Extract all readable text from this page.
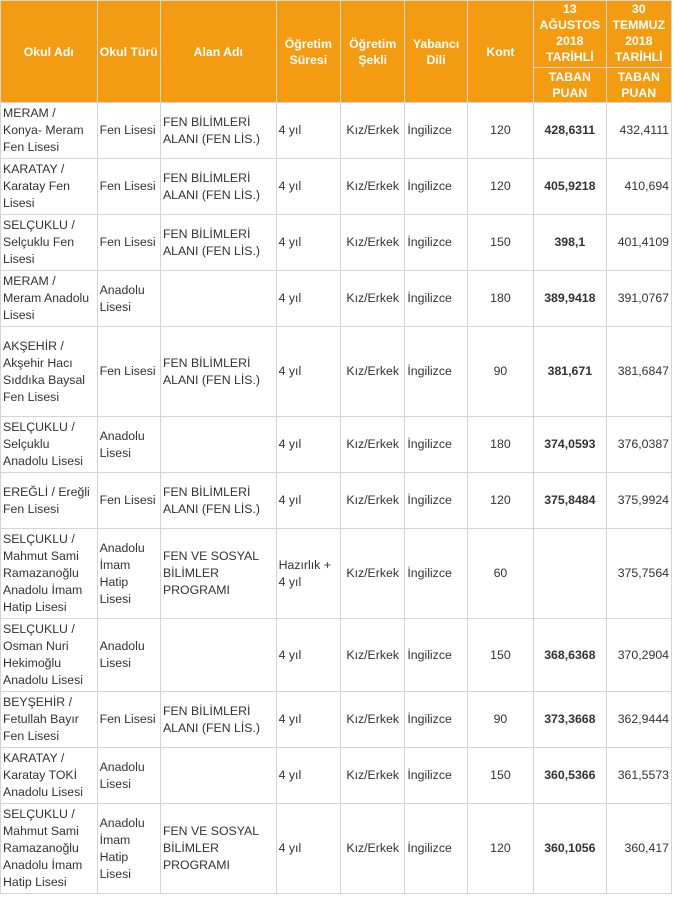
Okul Adı	Okul Türü	Alan Adı	Öğretim Süresi	Öğretim Şekli	Yabancı Dili	Kont	13 AĞUSTOS 2018 TARİHLİ	30 TEMMUZ 2018 TARİHLİ
							TABAN PUAN	TABAN PUAN
MERAM / Konya- Meram Fen Lisesi	Fen Lisesi	FEN BİLİMLERİ ALANI (FEN LİS.)	4 yıl	Kız/Erkek	İngilizce	120	428,6311	432,4111
KARATAY / Karatay Fen Lisesi	Fen Lisesi	FEN BİLİMLERİ ALANI (FEN LİS.)	4 yıl	Kız/Erkek	İngilizce	120	405,9218	410,694
SELÇUKLU / Selçuklu Fen Lisesi	Fen Lisesi	FEN BİLİMLERİ ALANI (FEN LİS.)	4 yıl	Kız/Erkek	İngilizce	150	398,1	401,4109
MERAM / Meram Anadolu Lisesi	Anadolu Lisesi		4 yıl	Kız/Erkek	İngilizce	180	389,9418	391,0767
AKŞEHİR / Akşehir Hacı Sıddıka Baysal Fen Lisesi	Fen Lisesi	FEN BİLİMLERİ ALANI (FEN LİS.)	4 yıl	Kız/Erkek	İngilizce	90	381,671	381,6847
SELÇUKLU / Selçuklu Anadolu Lisesi	Anadolu Lisesi		4 yıl	Kız/Erkek	İngilizce	180	374,0593	376,0387
EREĞLİ / Ereğli Fen Lisesi	Fen Lisesi	FEN BİLİMLERİ ALANI (FEN LİS.)	4 yıl	Kız/Erkek	İngilizce	120	375,8484	375,9924
SELÇUKLU / Mahmut Sami Ramazanoğlu Anadolu İmam Hatip Lisesi	Anadolu İmam Hatip Lisesi	FEN VE SOSYAL BİLİMLER PROGRAMI	Hazırlık + 4 yıl	Kız/Erkek	İngilizce	60		375,7564
SELÇUKLU / Osman Nuri Hekimoğlu Anadolu Lisesi	Anadolu Lisesi		4 yıl	Kız/Erkek	İngilizce	150	368,6368	370,2904
BEYŞEHİR / Fetullah Bayır Fen Lisesi	Fen Lisesi	FEN BİLİMLERİ ALANI (FEN LİS.)	4 yıl	Kız/Erkek	İngilizce	90	373,3668	362,9444
KARATAY / Karatay TOKİ Anadolu Lisesi	Anadolu Lisesi		4 yıl	Kız/Erkek	İngilizce	150	360,5366	361,5573
SELÇUKLU / Mahmut Sami Ramazanoğlu Anadolu İmam Hatip Lisesi	Anadolu İmam Hatip Lisesi	FEN VE SOSYAL BİLİMLER PROGRAMI	4 yıl	Kız/Erkek	İngilizce	120	360,1056	360,417
